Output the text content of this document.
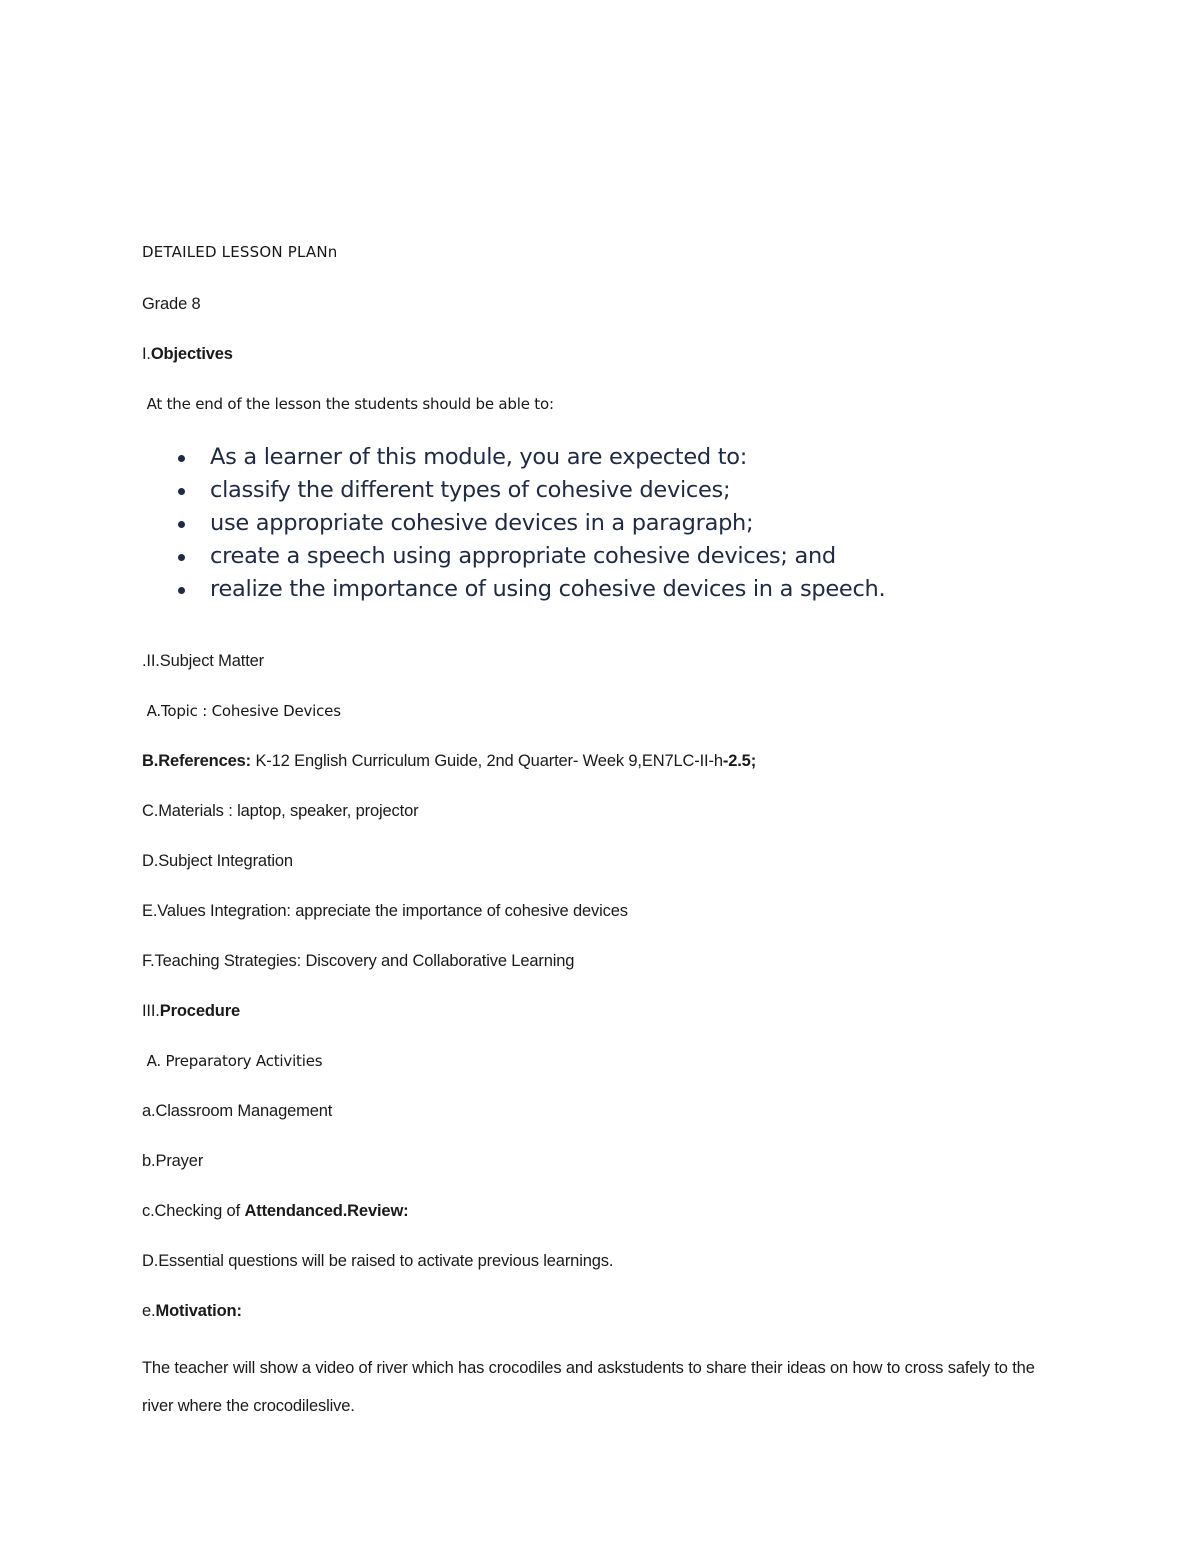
DETAILED LESSON PLANn

Grade 8

I.Objectives

At the end of the lesson the students should be able to:

As a learner of this module, you are expected to:
classify the different types of cohesive devices;
use appropriate cohesive devices in a paragraph;
create a speech using appropriate cohesive devices; and
realize the importance of using cohesive devices in a speech.

.II.Subject Matter

A.Topic : Cohesive Devices

B.References: K-12 English Curriculum Guide, 2nd Quarter- Week 9,EN7LC-II-h-2.5;

C.Materials : laptop, speaker, projector

D.Subject Integration

E.Values Integration: appreciate the importance of cohesive devices

F.Teaching Strategies: Discovery and Collaborative Learning

III.Procedure

A. Preparatory Activities

a.Classroom Management

b.Prayer

c.Checking of Attendanced.Review:

D.Essential questions will be raised to activate previous learnings.

e.Motivation:

The teacher will show a video of river which has crocodiles and askstudents to share their ideas on how to cross safely to the river where the crocodileslive.
